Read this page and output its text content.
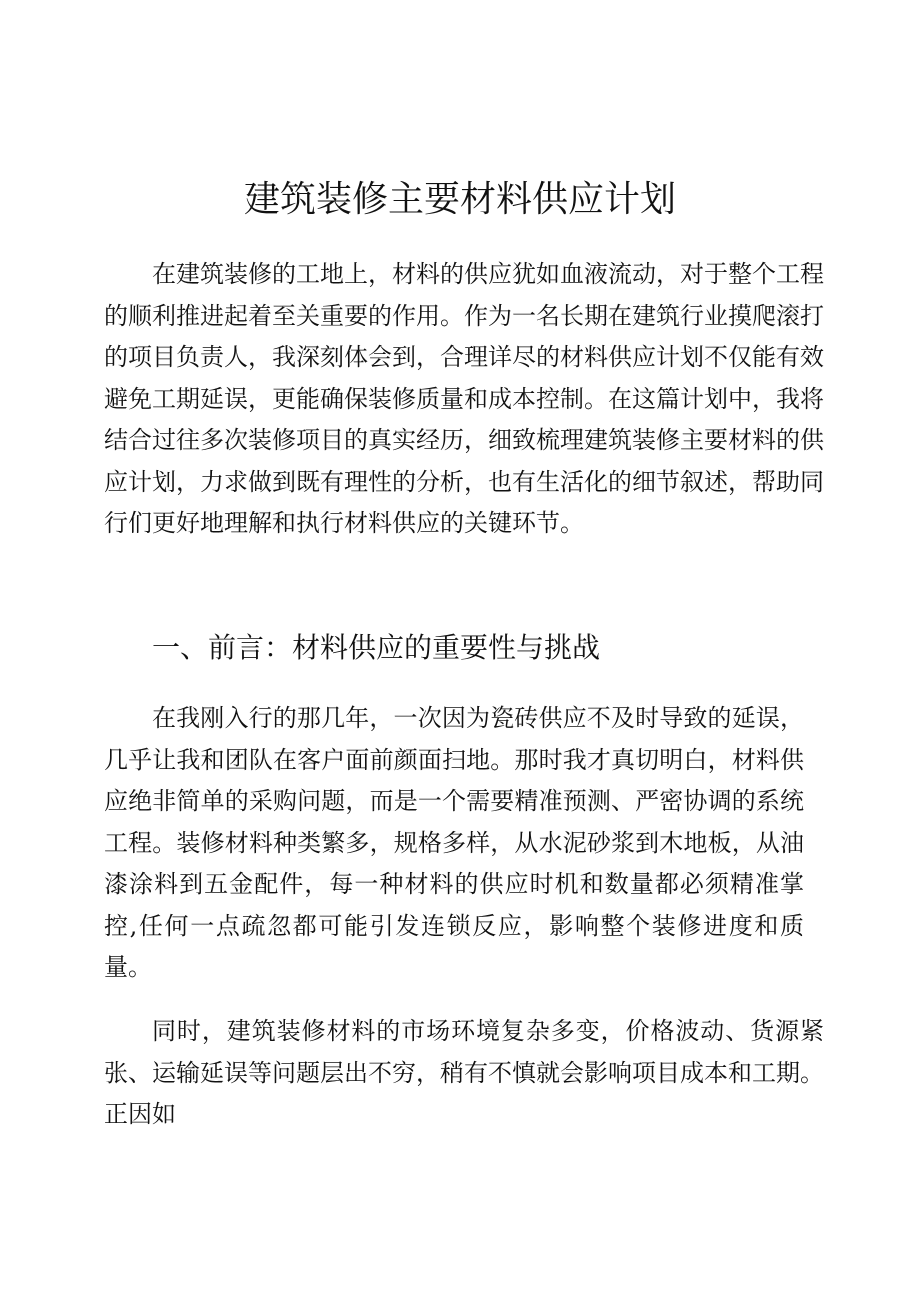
建筑装修主要材料供应计划

在建筑装修的工地上，材料的供应犹如血液流动，对于整个工程的顺利推进起着至关重要的作用。作为一名长期在建筑行业摸爬滚打的项目负责人，我深刻体会到，合理详尽的材料供应计划不仅能有效避免工期延误，更能确保装修质量和成本控制。在这篇计划中，我将结合过往多次装修项目的真实经历，细致梳理建筑装修主要材料的供应计划，力求做到既有理性的分析，也有生活化的细节叙述，帮助同行们更好地理解和执行材料供应的关键环节。

一、前言：材料供应的重要性与挑战

在我刚入行的那几年，一次因为瓷砖供应不及时导致的延误，几乎让我和团队在客户面前颜面扫地。那时我才真切明白，材料供应绝非简单的采购问题，而是一个需要精准预测、严密协调的系统工程。装修材料种类繁多，规格多样，从水泥砂浆到木地板，从油漆涂料到五金配件，每一种材料的供应时机和数量都必须精准掌控,任何一点疏忽都可能引发连锁反应，影响整个装修进度和质量。

同时，建筑装修材料的市场环境复杂多变，价格波动、货源紧张、运输延误等问题层出不穷，稍有不慎就会影响项目成本和工期。正因如
